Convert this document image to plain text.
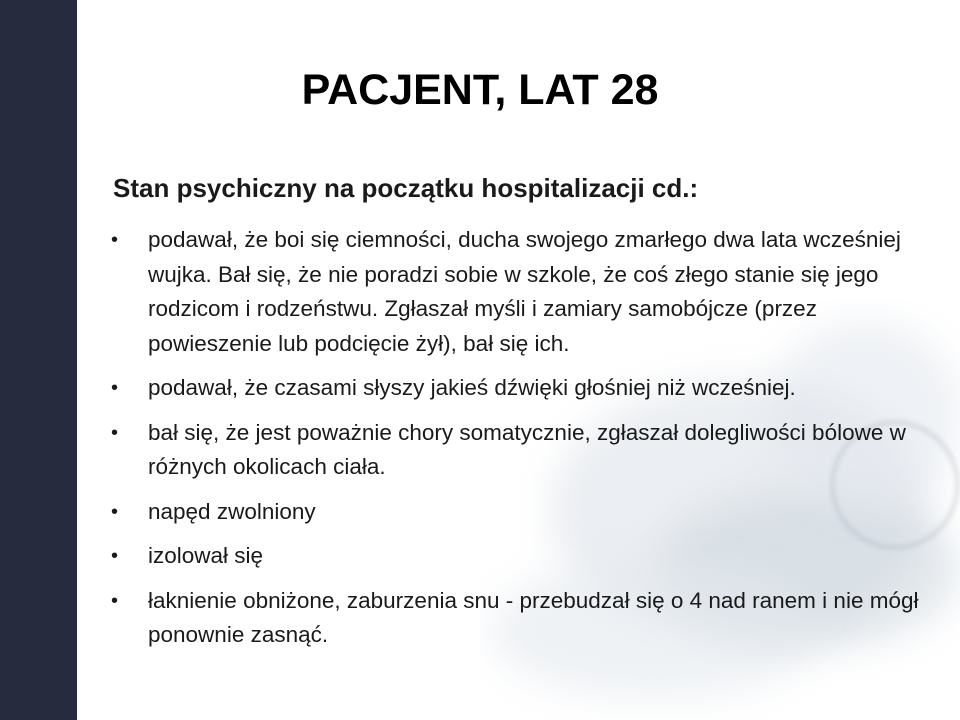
PACJENT, LAT 28
Stan psychiczny na początku hospitalizacji cd.:
• podawał, że boi się ciemności, ducha swojego zmarłego dwa lata wcześniej wujka. Bał się, że nie poradzi sobie w szkole, że coś złego stanie się jego rodzicom i rodzeństwu. Zgłaszał myśli i zamiary samobójcze (przez powieszenie lub podcięcie żył), bał się ich.
• podawał, że czasami słyszy jakieś dźwięki głośniej niż wcześniej.
• bał się, że jest poważnie chory somatycznie, zgłaszał dolegliwości bólowe w różnych okolicach ciała.
• napęd zwolniony
• izolował się
• łaknienie obniżone, zaburzenia snu - przebudzał się o 4 nad ranem i nie mógł ponownie zasnąć.
